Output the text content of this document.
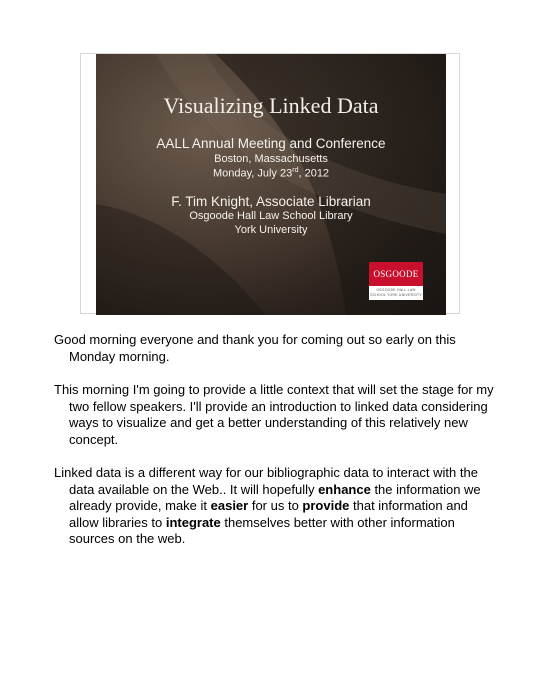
Visualizing Linked Data
AALL Annual Meeting and Conference
Boston, Massachusetts
Monday, July 23rd, 2012
F. Tim Knight, Associate Librarian
Osgoode Hall Law School Library
York University
OSGOODE
OSGOODE HALL LAW SCHOOL YORK UNIVERSITY

Good morning everyone and thank you for coming out so early on this Monday morning.

This morning I'm going to provide a little context that will set the stage for my two fellow speakers. I'll provide an introduction to linked data considering ways to visualize and get a better understanding of this relatively new concept.

Linked data is a different way for our bibliographic data to interact with the data available on the Web.. It will hopefully enhance the information we already provide, make it easier for us to provide that information and allow libraries to integrate themselves better with other information sources on the web.
